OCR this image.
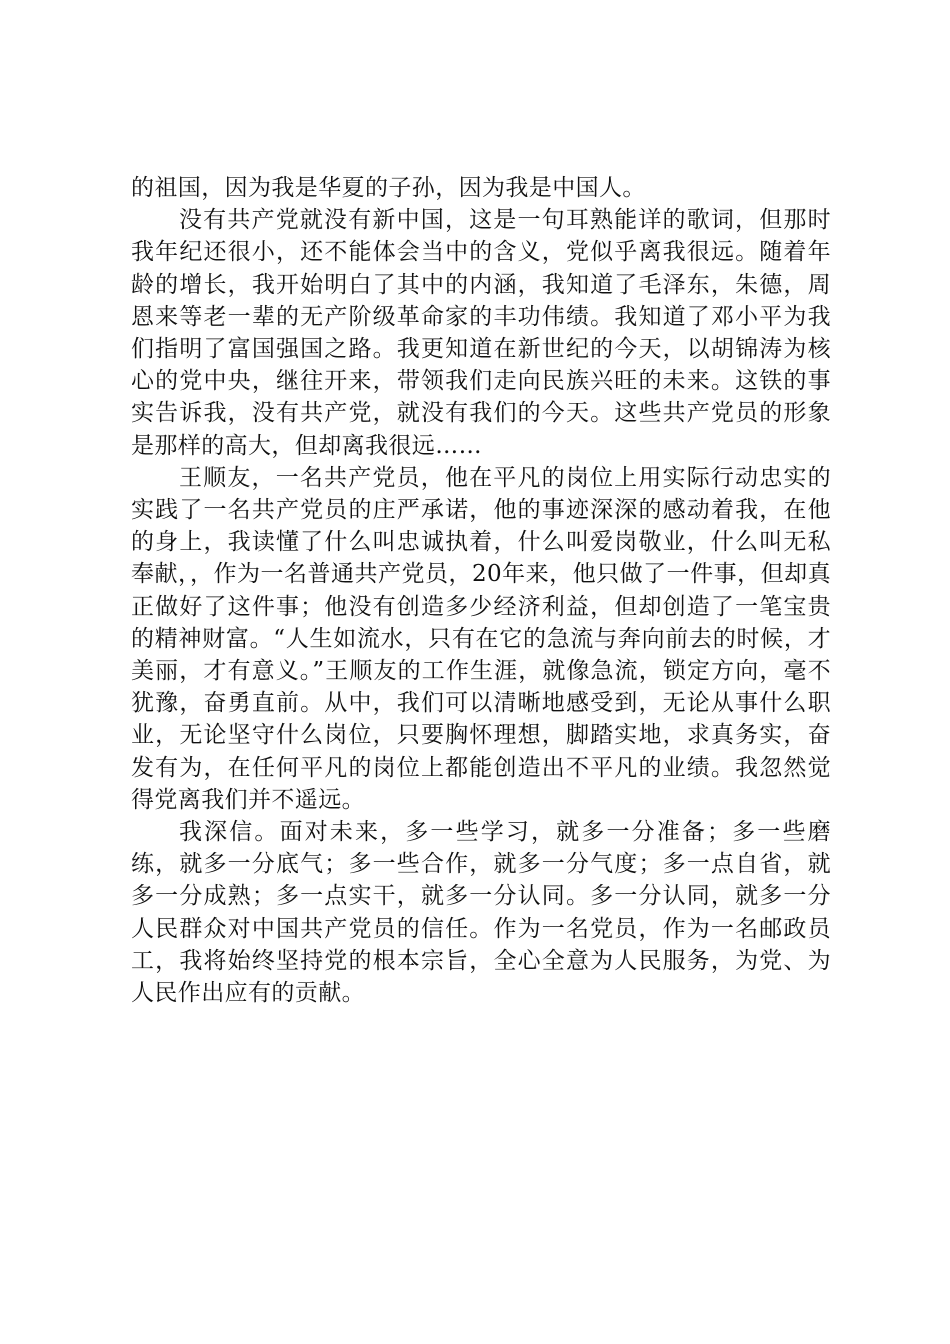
的祖国，因为我是华夏的子孙，因为我是中国人。

没有共产党就没有新中国，这是一句耳熟能详的歌词，但那时我年纪还很小，还不能体会当中的含义，党似乎离我很远。随着年龄的增长，我开始明白了其中的内涵，我知道了毛泽东，朱德，周恩来等老一辈的无产阶级革命家的丰功伟绩。我知道了邓小平为我们指明了富国强国之路。我更知道在新世纪的今天，以胡锦涛为核心的党中央，继往开来，带领我们走向民族兴旺的未来。这铁的事实告诉我，没有共产党，就没有我们的今天。这些共产党员的形象是那样的高大，但却离我很远……

王顺友，一名共产党员，他在平凡的岗位上用实际行动忠实的实践了一名共产党员的庄严承诺，他的事迹深深的感动着我，在他的身上，我读懂了什么叫忠诚执着，什么叫爱岗敬业，什么叫无私奉献，，作为一名普通共产党员，20年来，他只做了一件事，但却真正做好了这件事；他没有创造多少经济利益，但却创造了一笔宝贵的精神财富。“人生如流水，只有在它的急流与奔向前去的时候，才美丽，才有意义。”王顺友的工作生涯，就像急流，锁定方向，毫不犹豫，奋勇直前。从中，我们可以清晰地感受到，无论从事什么职业，无论坚守什么岗位，只要胸怀理想，脚踏实地，求真务实，奋发有为，在任何平凡的岗位上都能创造出不平凡的业绩。我忽然觉得党离我们并不遥远。

我深信。面对未来，多一些学习，就多一分准备；多一些磨练，就多一分底气；多一些合作，就多一分气度；多一点自省，就多一分成熟；多一点实干，就多一分认同。多一分认同，就多一分人民群众对中国共产党员的信任。作为一名党员，作为一名邮政员工，我将始终坚持党的根本宗旨，全心全意为人民服务，为党、为人民作出应有的贡献。
